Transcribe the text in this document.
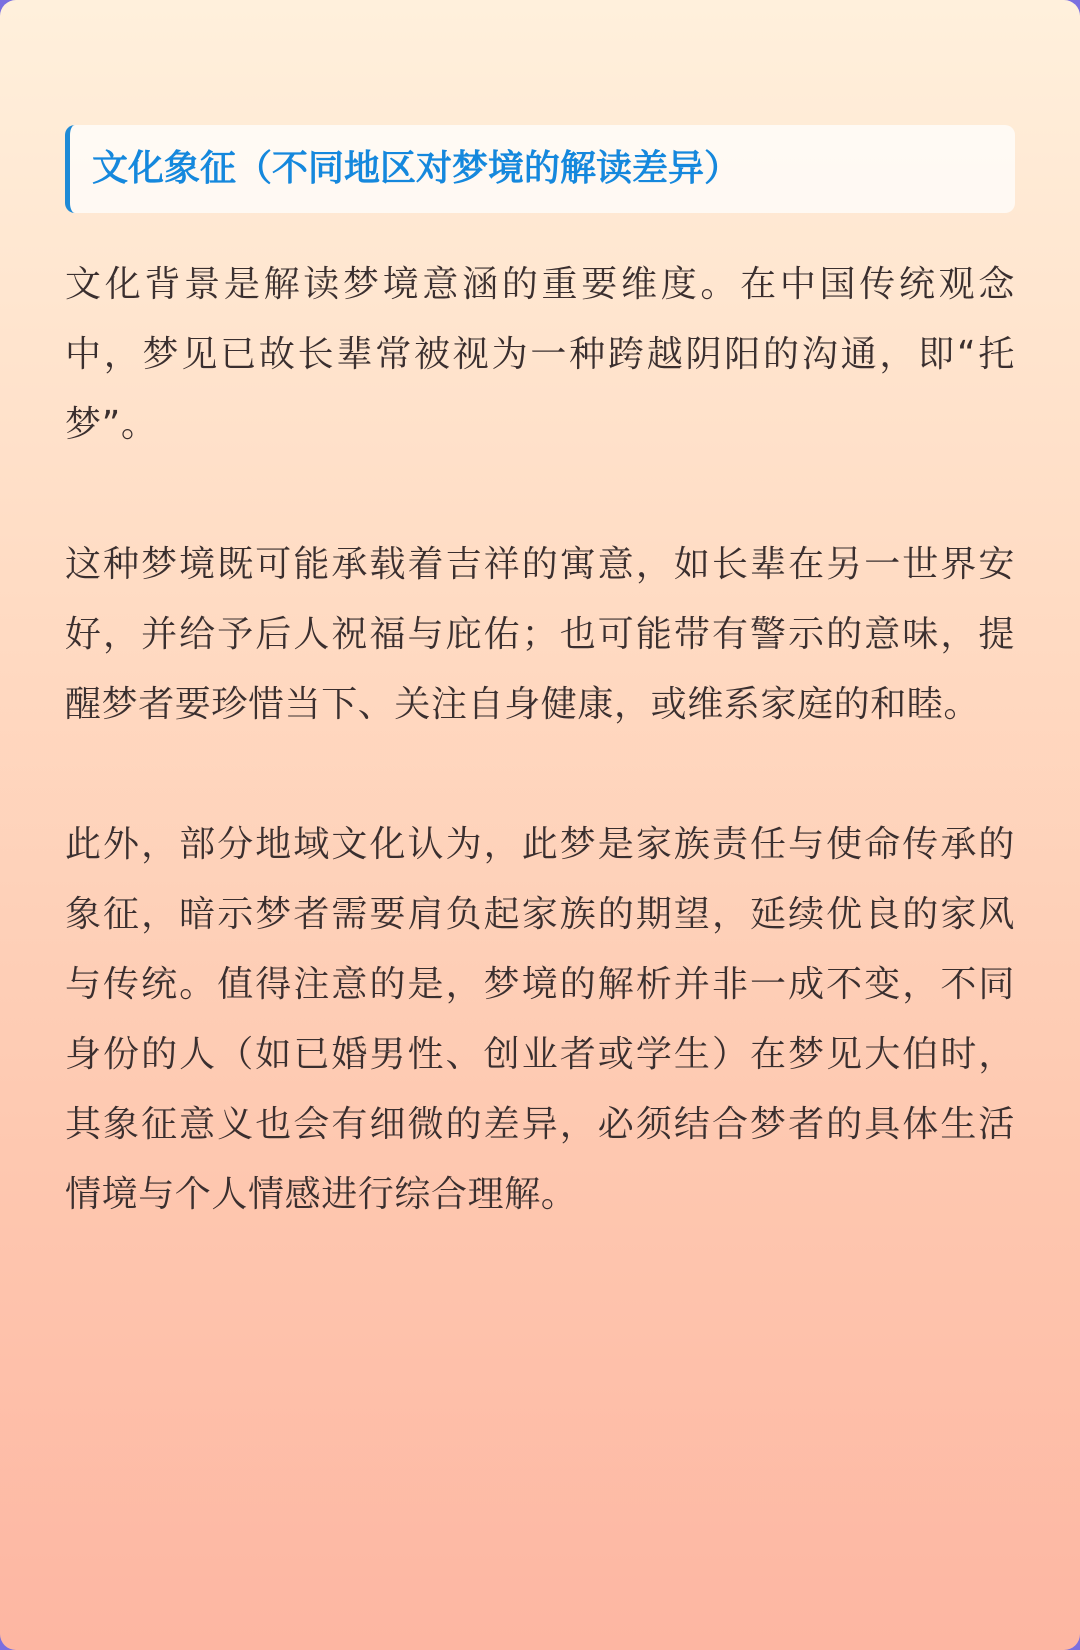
文化象征（不同地区对梦境的解读差异）

文化背景是解读梦境意涵的重要维度。在中国传统观念中，梦见已故长辈常被视为一种跨越阴阳的沟通，即“托梦”。

这种梦境既可能承载着吉祥的寓意，如长辈在另一世界安好，并给予后人祝福与庇佑；也可能带有警示的意味，提醒梦者要珍惜当下、关注自身健康，或维系家庭的和睦。

此外，部分地域文化认为，此梦是家族责任与使命传承的象征，暗示梦者需要肩负起家族的期望，延续优良的家风与传统。值得注意的是，梦境的解析并非一成不变，不同身份的人（如已婚男性、创业者或学生）在梦见大伯时，其象征意义也会有细微的差异，必须结合梦者的具体生活情境与个人情感进行综合理解。
